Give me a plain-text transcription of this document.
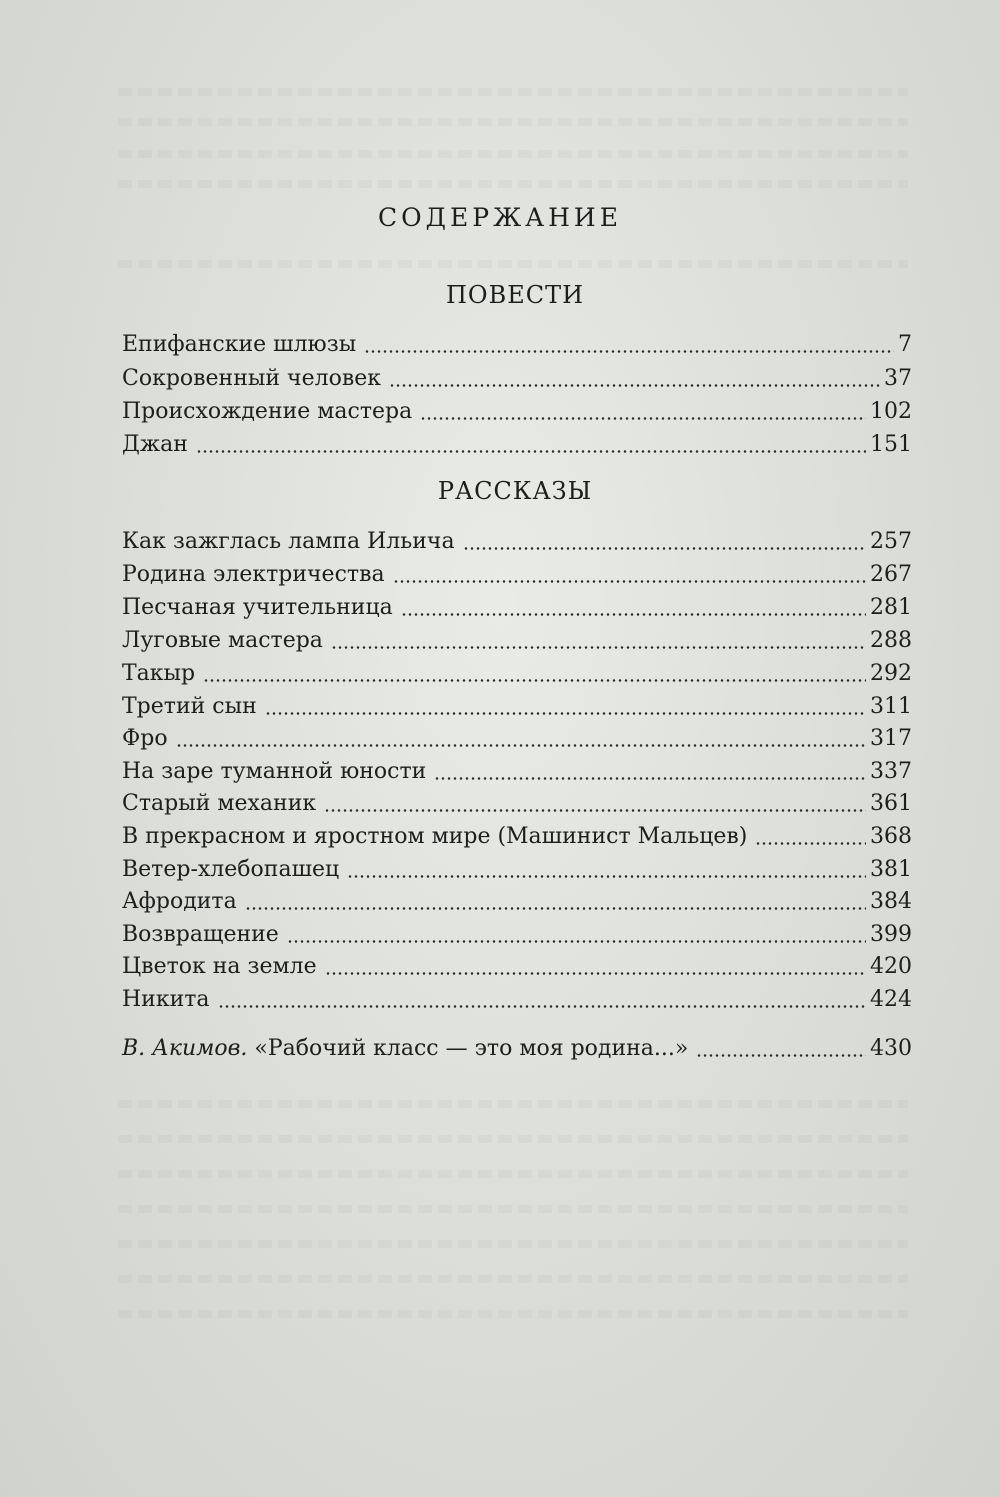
СОДЕРЖАНИЕ
ПОВЕСТИ
Епифанские шлюзы	7
Сокровенный человек	37
Происхождение мастера	102
Джан	151
РАССКАЗЫ
Как зажглась лампа Ильича	257
Родина электричества	267
Песчаная учительница	281
Луговые мастера	288
Такыр	292
Третий сын	311
Фро	317
На заре туманной юности	337
Старый механик	361
В прекрасном и яростном мире (Машинист Мальцев)	368
Ветер-хлебопашец	381
Афродита	384
Возвращение	399
Цветок на земле	420
Никита	424
В. Акимов. «Рабочий класс — это моя родина...»	430
